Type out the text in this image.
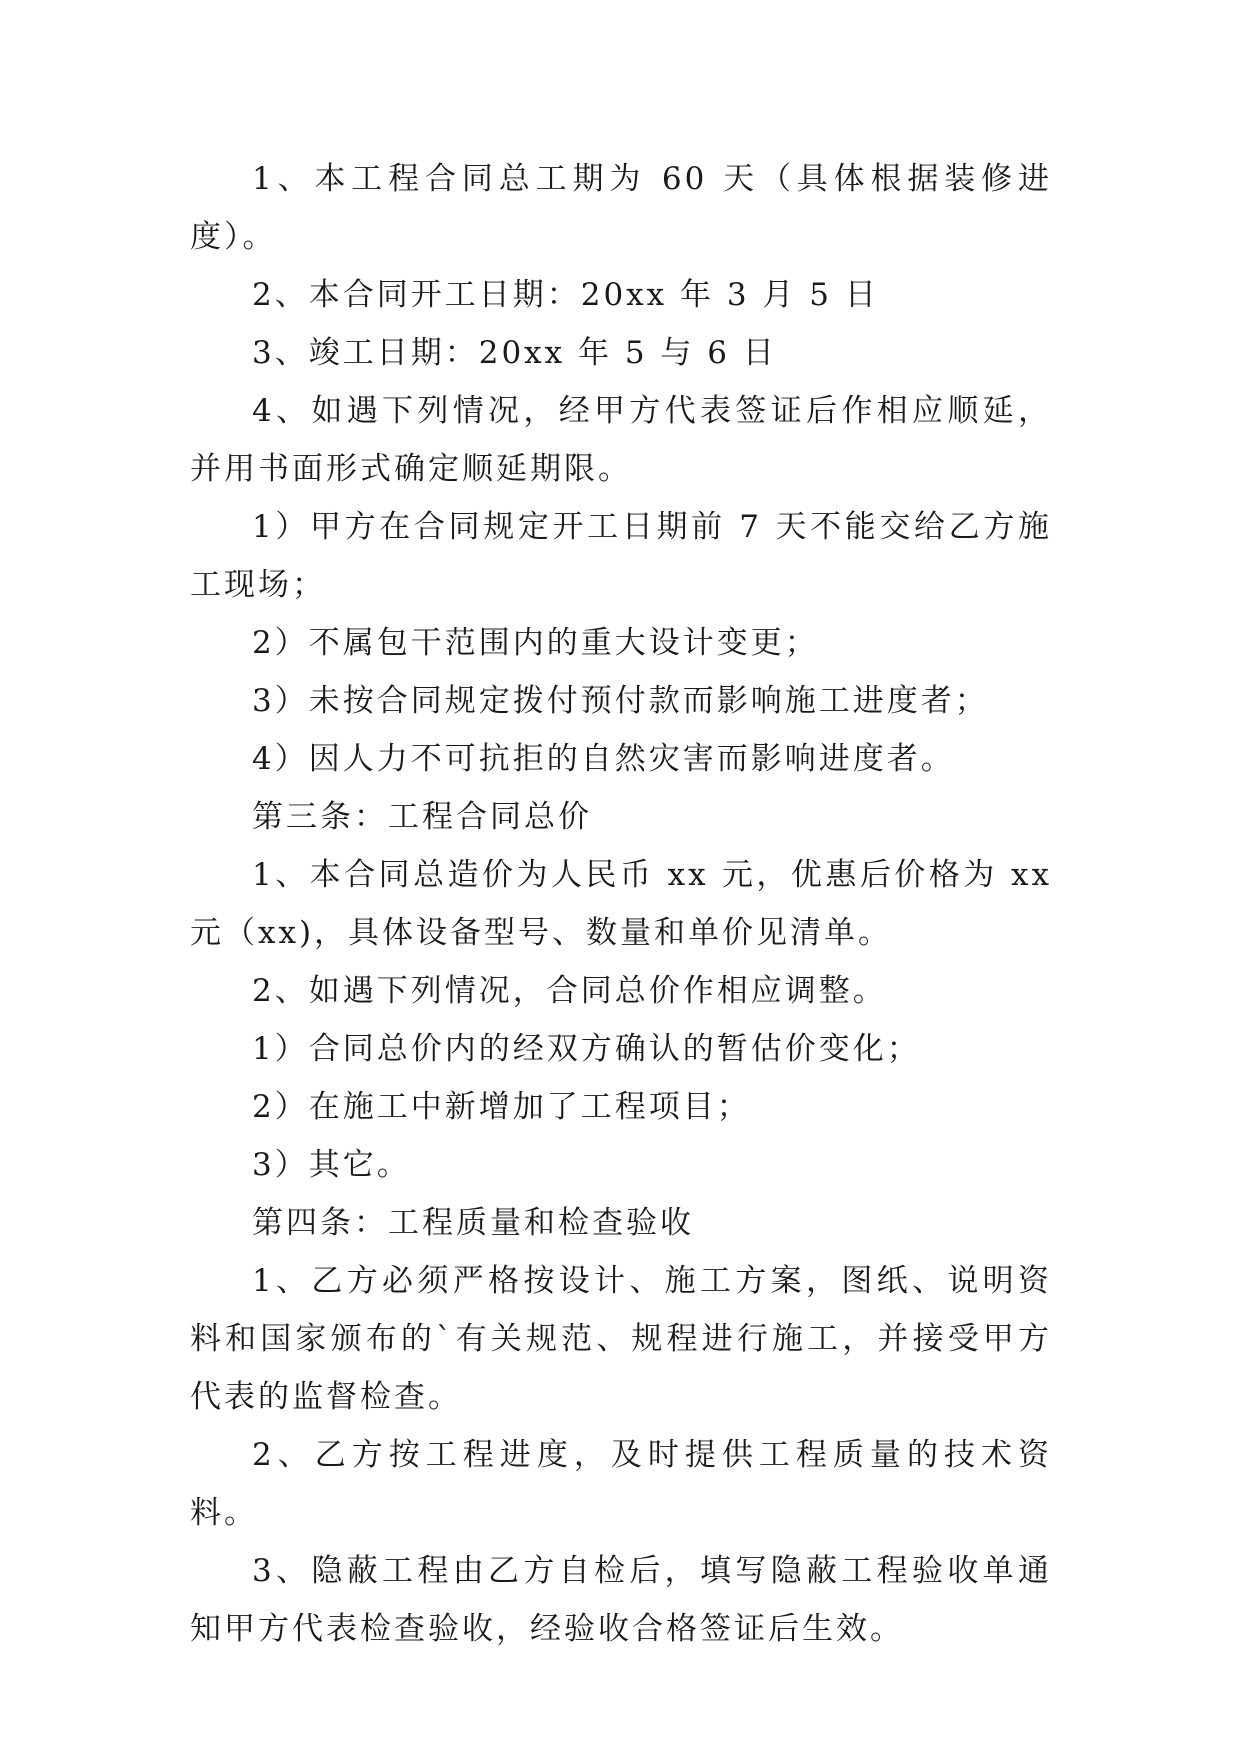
1、本工程合同总工期为 60 天（具体根据装修进度）。

2、本合同开工日期：20xx 年 3 月 5 日

3、竣工日期：20xx 年 5 与 6 日

4、如遇下列情况，经甲方代表签证后作相应顺延，并用书面形式确定顺延期限。

1）甲方在合同规定开工日期前 7 天不能交给乙方施工现场；

2）不属包干范围内的重大设计变更；

3）未按合同规定拨付预付款而影响施工进度者；

4）因人力不可抗拒的自然灾害而影响进度者。

第三条：工程合同总价

1、本合同总造价为人民币 xx 元，优惠后价格为 xx 元（xx)，具体设备型号、数量和单价见清单。

2、如遇下列情况，合同总价作相应调整。

1）合同总价内的经双方确认的暂估价变化；

2）在施工中新增加了工程项目；

3）其它。

第四条：工程质量和检查验收

1、乙方必须严格按设计、施工方案，图纸、说明资料和国家颁布的`有关规范、规程进行施工，并接受甲方代表的监督检查。

2、乙方按工程进度，及时提供工程质量的技术资料。

3、隐蔽工程由乙方自检后，填写隐蔽工程验收单通知甲方代表检查验收，经验收合格签证后生效。
